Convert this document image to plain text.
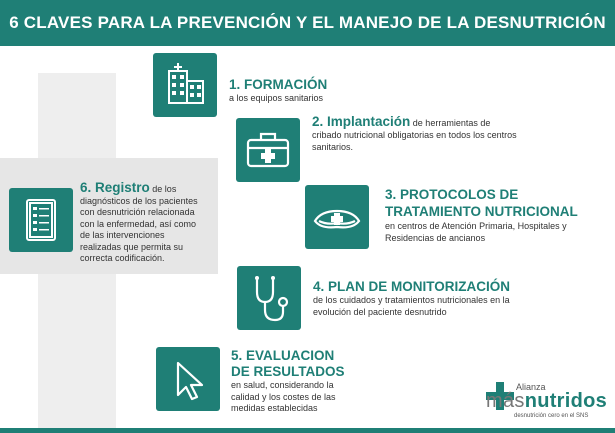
6 CLAVES PARA LA PREVENCIÓN Y EL MANEJO DE LA DESNUTRICIÓN
1. FORMACIÓN
a los equipos sanitarios
2. Implantación de herramientas de cribado nutricional obligatorias en todos los centros sanitarios.
3. PROTOCOLOS DE
TRATAMIENTO NUTRICIONAL
en centros de Atención Primaria, Hospitales y Residencias de ancianos
4. PLAN DE MONITORIZACIÓN
de los cuidados y tratamientos nutricionales en la evolución del paciente desnutrido
5. EVALUACION
DE RESULTADOS
en salud, considerando la calidad y los costes de las medidas establecidas
6. Registro de los diagnósticos de los pacientes con desnutrición relacionada con la enfermedad, así como de las intervenciones realizadas que permita su correcta codificación.
Alianza
másnutridos
desnutrición cero en el SNS
